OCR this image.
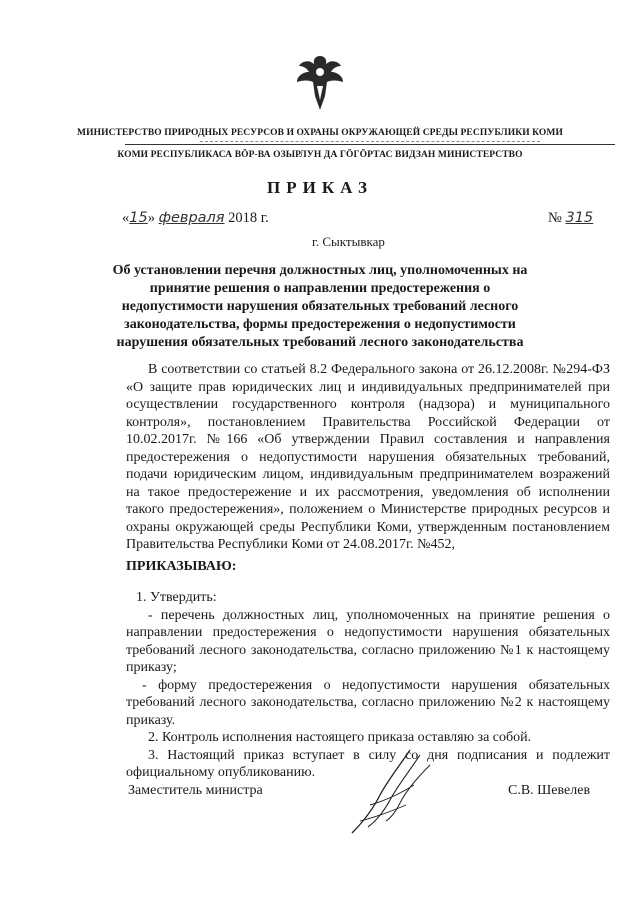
МИНИСТЕРСТВО ПРИРОДНЫХ РЕСУРСОВ И ОХРАНЫ ОКРУЖАЮЩЕЙ СРЕДЫ РЕСПУБЛИКИ КОМИ
КОМИ РЕСПУБЛИКАСА ВӦР-ВА ОЗЫРЛУН ДА ГӦГӦРТАС ВИДЗАН МИНИСТЕРСТВО
ПРИКАЗ
«15» февраля 2018 г.	№ 315
г. Сыктывкар
Об установлении перечня должностных лиц, уполномоченных на принятие решения о направлении предостережения о недопустимости нарушения обязательных требований лесного законодательства, формы предостережения о недопустимости нарушения обязательных требований лесного законодательства

В соответствии со статьей 8.2 Федерального закона от 26.12.2008г. №294-ФЗ «О защите прав юридических лиц и индивидуальных предпринимателей при осуществлении государственного контроля (надзора) и муниципального контроля», постановлением Правительства Российской Федерации от 10.02.2017г. №166 «Об утверждении Правил составления и направления предостережения о недопустимости нарушения обязательных требований, подачи юридическим лицом, индивидуальным предпринимателем возражений на такое предостережение и их рассмотрения, уведомления об исполнении такого предостережения», положением о Министерстве природных ресурсов и охраны окружающей среды Республики Коми, утвержденным постановлением Правительства Республики Коми от 24.08.2017г. №452,

ПРИКАЗЫВАЮ:

1. Утвердить:

- перечень должностных лиц, уполномоченных на принятие решения о направлении предостережения о недопустимости нарушения обязательных требований лесного законодательства, согласно приложению №1 к настоящему приказу;

- форму предостережения о недопустимости нарушения обязательных требований лесного законодательства, согласно приложению №2 к настоящему приказу.

2. Контроль исполнения настоящего приказа оставляю за собой.

3. Настоящий приказ вступает в силу со дня подписания и подлежит официальному опубликованию.

Заместитель министра	С.В. Шевелев
